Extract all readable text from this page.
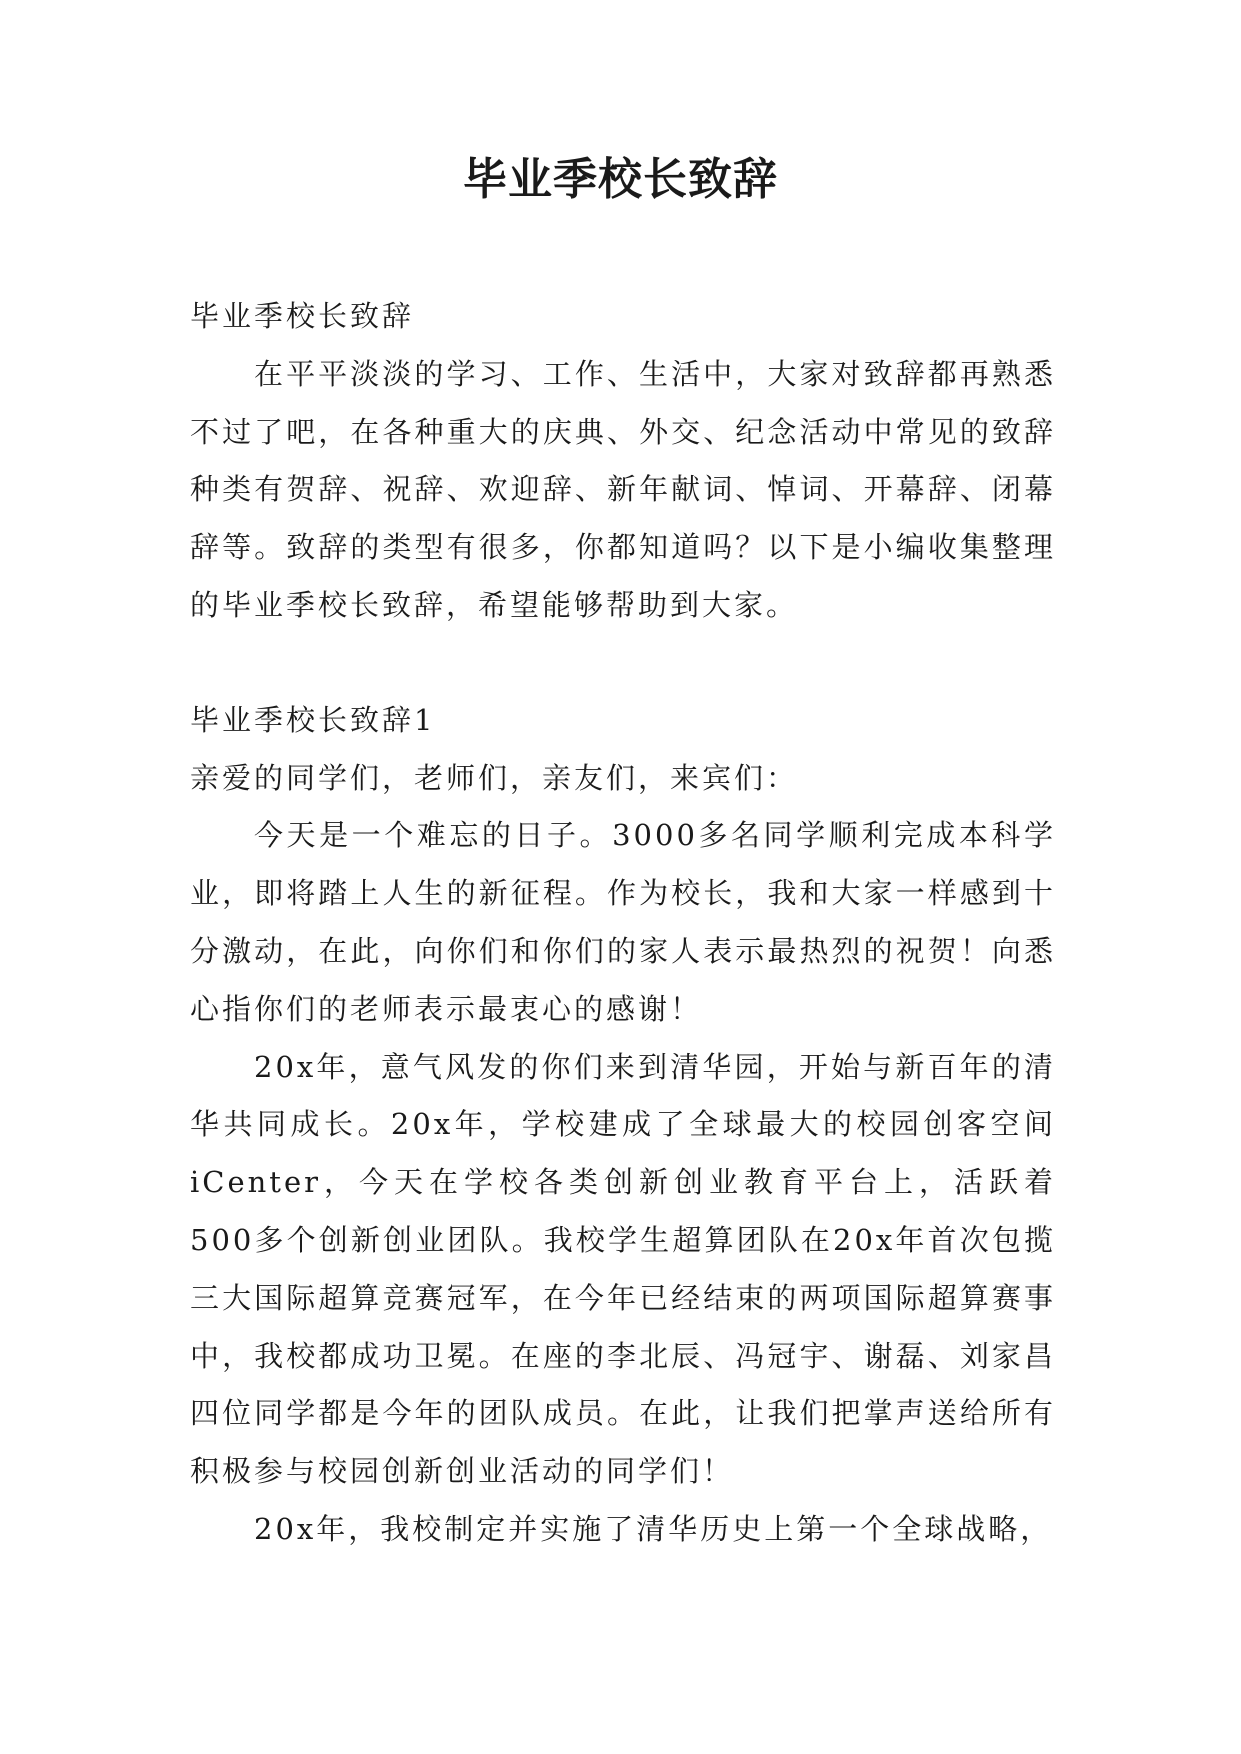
毕业季校长致辞

毕业季校长致辞

在平平淡淡的学习、工作、生活中，大家对致辞都再熟悉不过了吧，在各种重大的庆典、外交、纪念活动中常见的致辞种类有贺辞、祝辞、欢迎辞、新年献词、悼词、开幕辞、闭幕辞等。致辞的类型有很多，你都知道吗？以下是小编收集整理的毕业季校长致辞，希望能够帮助到大家。

毕业季校长致辞1

亲爱的同学们，老师们，亲友们，来宾们：

今天是一个难忘的日子。3000多名同学顺利完成本科学业，即将踏上人生的新征程。作为校长，我和大家一样感到十分激动，在此，向你们和你们的家人表示最热烈的祝贺！向悉心指你们的老师表示最衷心的感谢！

20x年，意气风发的你们来到清华园，开始与新百年的清华共同成长。20x年，学校建成了全球最大的校园创客空间iCenter，今天在学校各类创新创业教育平台上，活跃着500多个创新创业团队。我校学生超算团队在20x年首次包揽三大国际超算竞赛冠军，在今年已经结束的两项国际超算赛事中，我校都成功卫冕。在座的李北辰、冯冠宇、谢磊、刘家昌四位同学都是今年的团队成员。在此，让我们把掌声送给所有积极参与校园创新创业活动的同学们！

20x年，我校制定并实施了清华历史上第一个全球战略，
